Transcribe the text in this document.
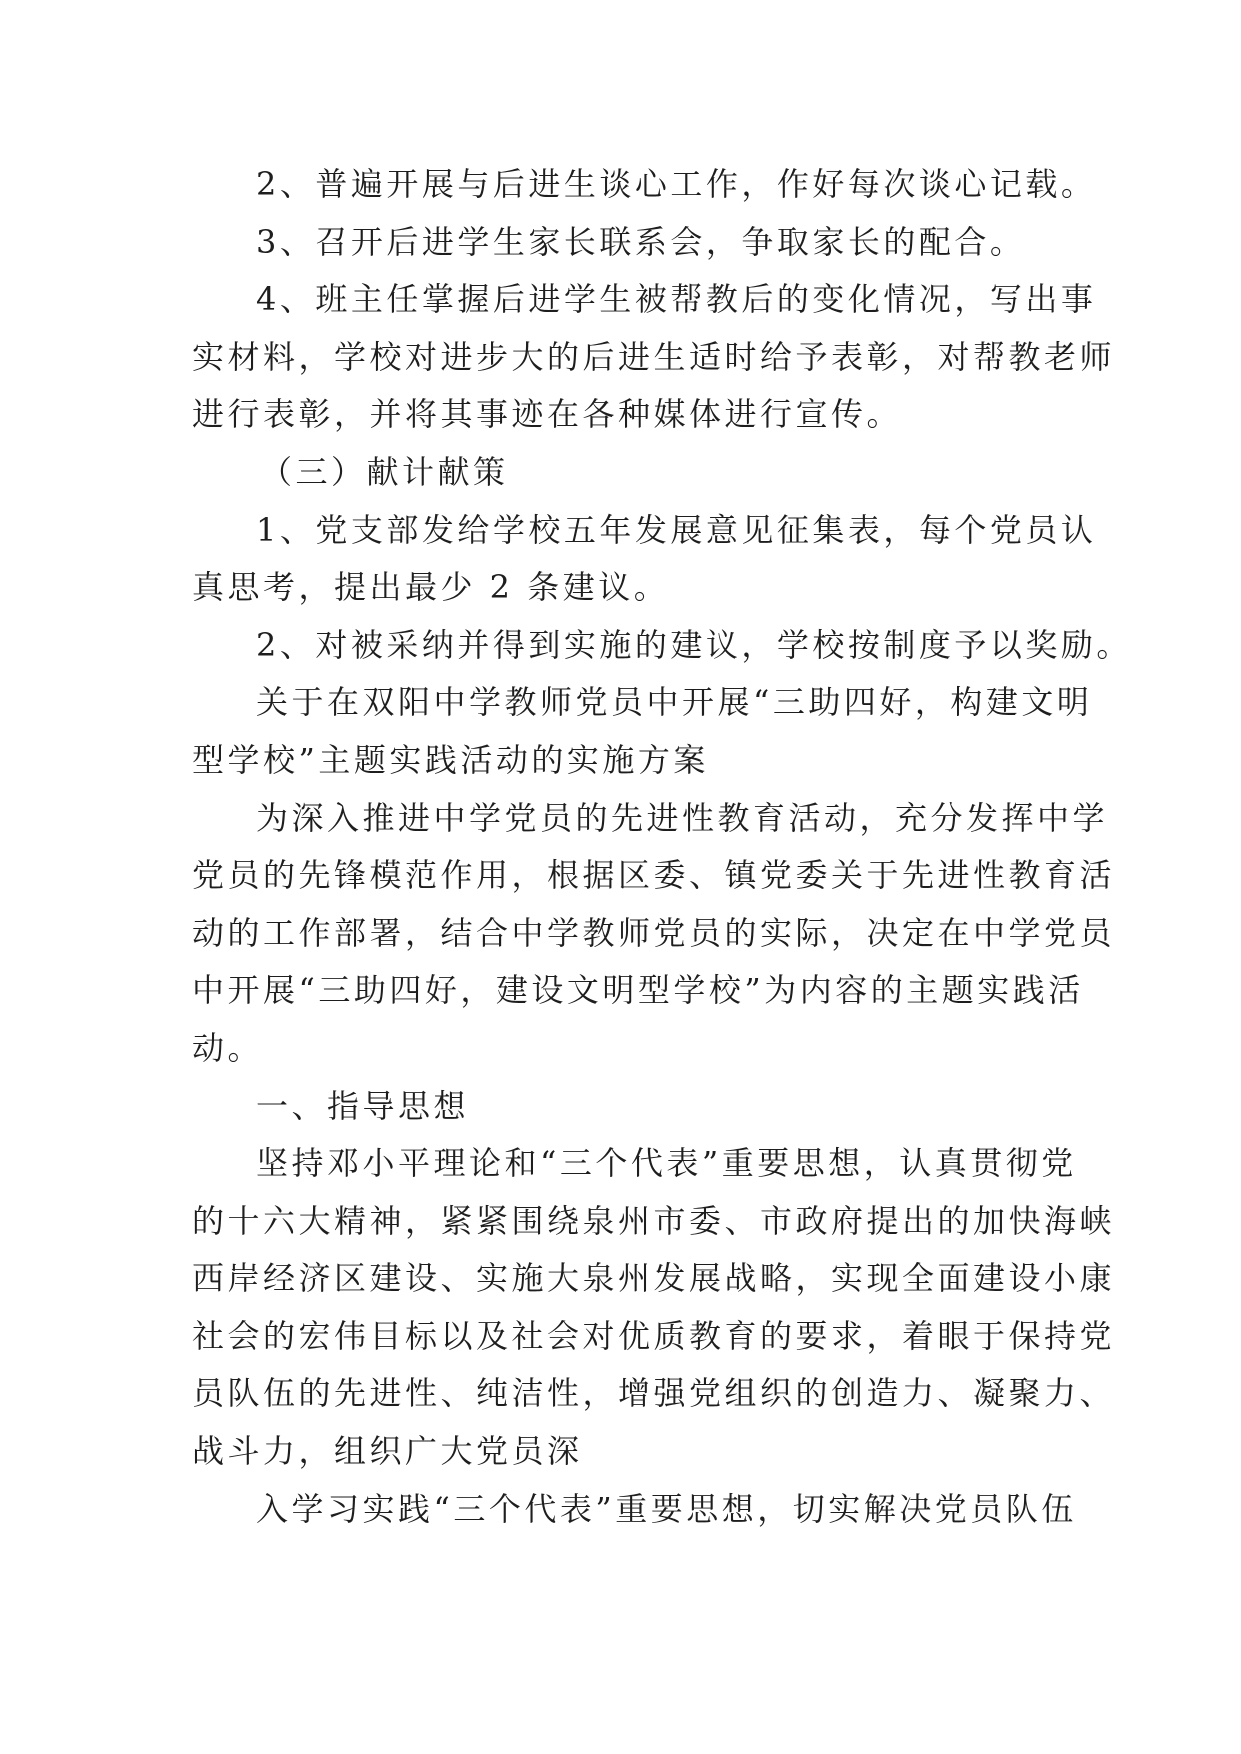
2、普遍开展与后进生谈心工作，作好每次谈心记载。
3、召开后进学生家长联系会，争取家长的配合。
4、班主任掌握后进学生被帮教后的变化情况，写出事
实材料，学校对进步大的后进生适时给予表彰，对帮教老师
进行表彰，并将其事迹在各种媒体进行宣传。
（三）献计献策
1、党支部发给学校五年发展意见征集表，每个党员认
真思考，提出最少 2 条建议。
2、对被采纳并得到实施的建议，学校按制度予以奖励。
关于在双阳中学教师党员中开展“三助四好，构建文明
型学校”主题实践活动的实施方案
为深入推进中学党员的先进性教育活动，充分发挥中学
党员的先锋模范作用，根据区委、镇党委关于先进性教育活
动的工作部署，结合中学教师党员的实际，决定在中学党员
中开展“三助四好，建设文明型学校”为内容的主题实践活
动。
一、指导思想
坚持邓小平理论和“三个代表”重要思想，认真贯彻党
的十六大精神，紧紧围绕泉州市委、市政府提出的加快海峡
西岸经济区建设、实施大泉州发展战略，实现全面建设小康
社会的宏伟目标以及社会对优质教育的要求，着眼于保持党
员队伍的先进性、纯洁性，增强党组织的创造力、凝聚力、
战斗力，组织广大党员深
入学习实践“三个代表”重要思想，切实解决党员队伍
